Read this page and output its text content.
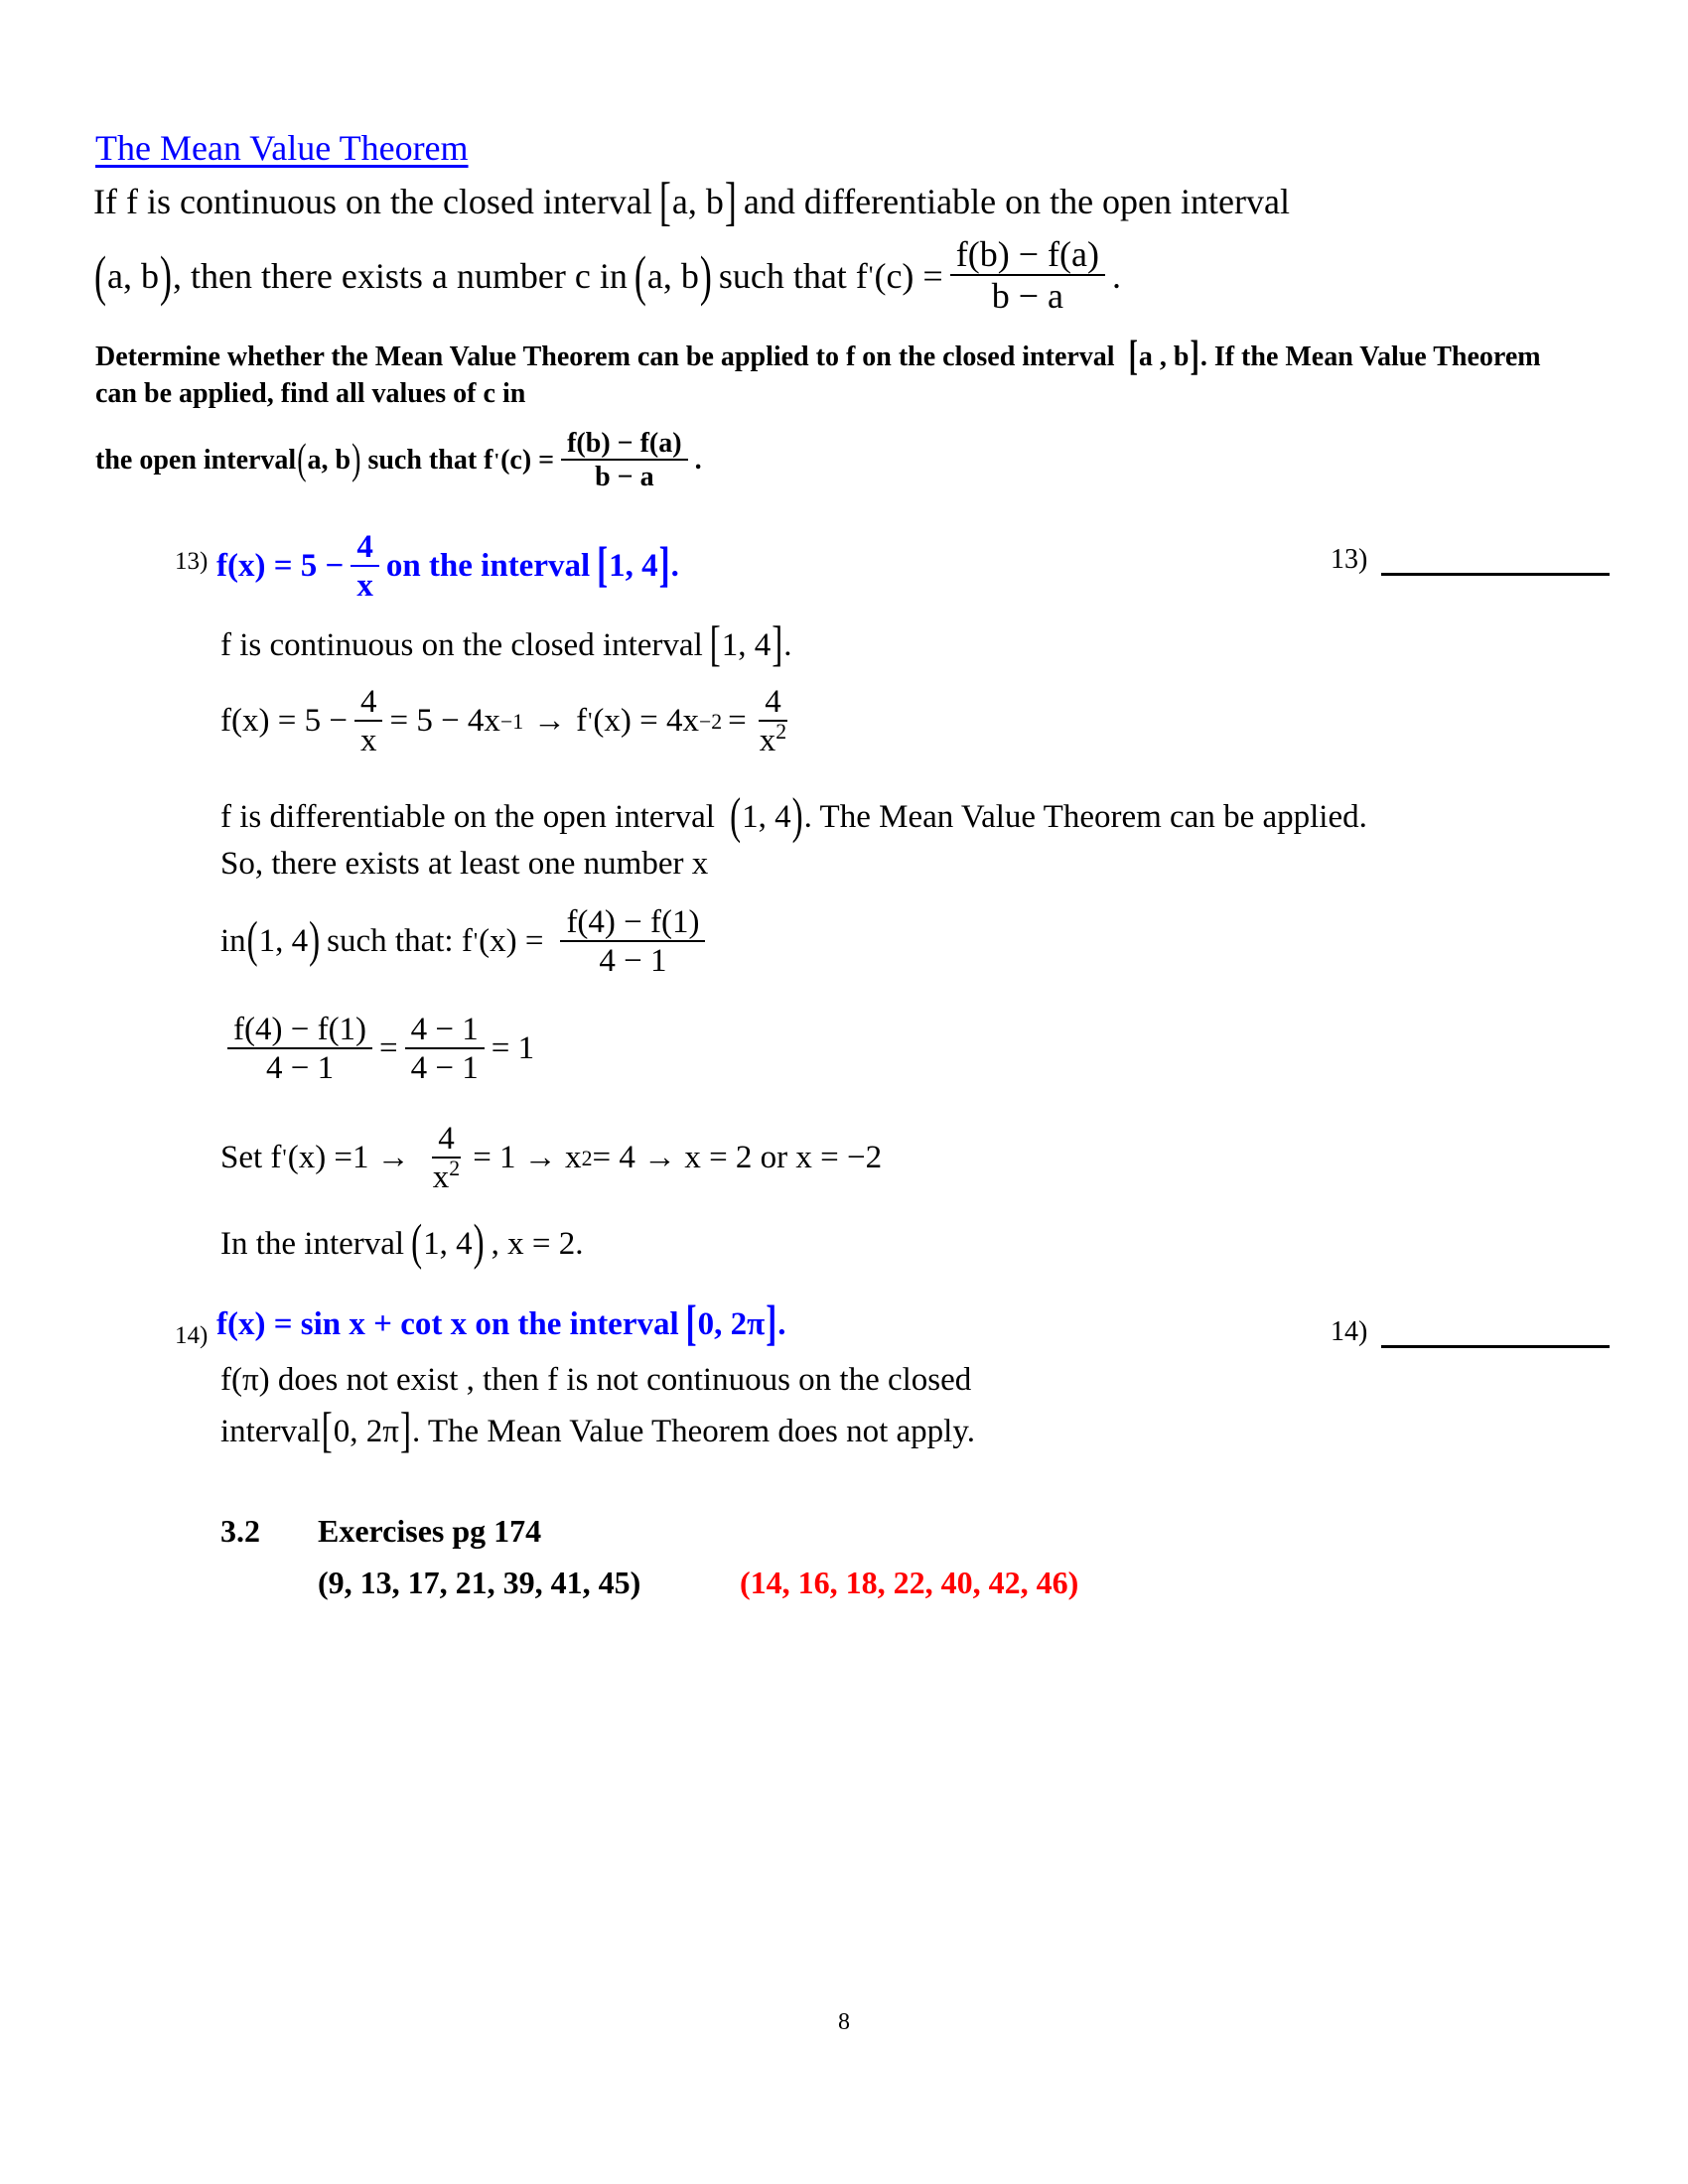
The Mean Value Theorem
If f is continuous on the closed interval [ a, b ] and differentiable on the open interval
( a, b ) , then there exists a number c in ( a, b ) such that f ' $(c) = \frac{f(b) - f(a)}{b - a}$ .
Determine whether the Mean Value Theorem can be applied to f on the closed interval [a , b]. If the Mean Value Theorem can be applied, find all values of c in
the open interval ( a, b ) such that f ' $(c) = \frac{f(b) - f(a)}{b - a}$ .
13) $f(x) = 5 - \frac{4}{x}$ on the interval [ 1, 4 ] .	13)
f is continuous on the closed interval [ 1, 4 ] .
$f(x) = 5 - \frac{4}{x} = 5 - 4x -1 \to f$ ' $(x) = 4x -2 = \frac{4}{x^2}$
f is differentiable on the open interval (1, 4). The Mean Value Theorem can be applied. So, there exists at least one number x
in ( 1, 4 ) such that: f ' $(x) = \frac{f(4) - f(1)}{4 - 1}$
$\frac{f(4) - f(1)}{4 - 1} = \frac{4 - 1}{4 - 1} = 1$
Set f ' $(x) =1 \to \frac{4}{x^2} = 1 \to x$ 2 = 4 → x = 2 or x = −2
In the interval ( 1, 4 ) , x = 2.
14) f(x) = sin x + cot x on the interval [ 0, 2π ] .	14)
f(π) does not exist , then f is not continuous on the closed
interval [ 0, 2π ] . The Mean Value Theorem does not apply.
3.2 Exercises pg 174
(9, 13, 17, 21, 39, 41, 45)	(14, 16, 18, 22, 40, 42, 46)
8
